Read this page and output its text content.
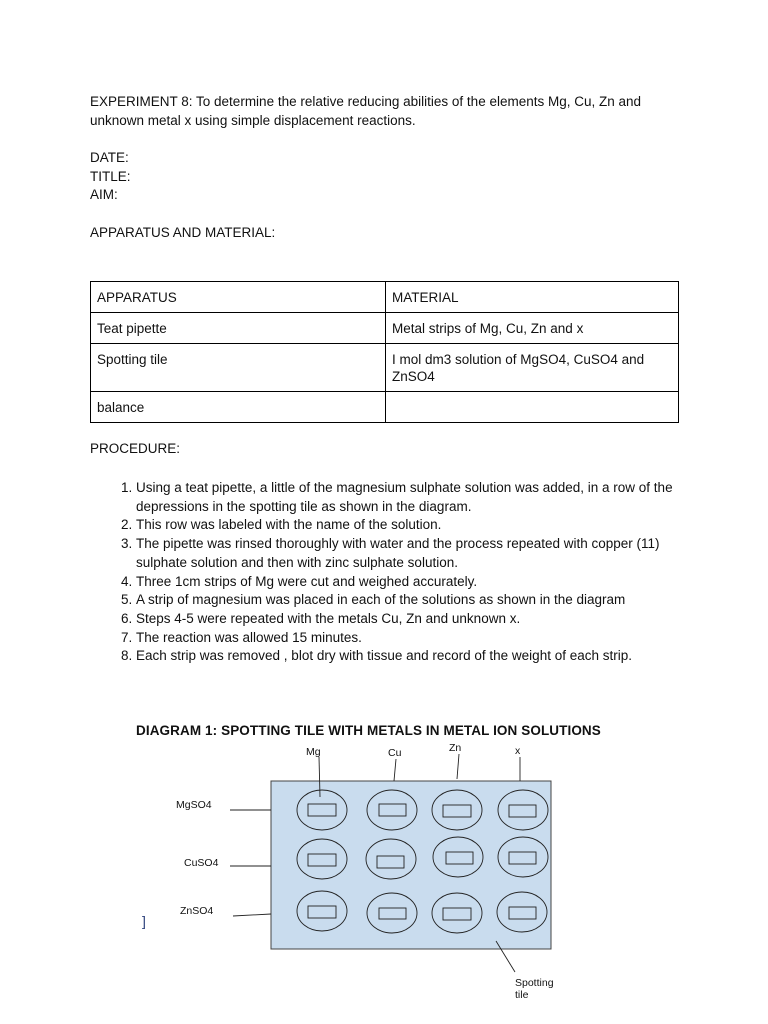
EXPERIMENT 8: To determine the relative reducing abilities of the elements Mg, Cu, Zn and unknown metal x using simple displacement reactions.
DATE:
TITLE:
AIM:
APPARATUS AND MATERIAL:
APPARATUS	MATERIAL
Teat pipette	Metal strips of Mg, Cu, Zn and x
Spotting tile	I mol dm3 solution of MgSO4, CuSO4 and ZnSO4
balance	
PROCEDURE:
1. Using a teat pipette, a little of the magnesium sulphate solution was added, in a row of the depressions in the spotting tile as shown in the diagram.
2. This row was labeled with the name of the solution.
3. The pipette was rinsed thoroughly with water and the process repeated with copper (11) sulphate solution and then with zinc sulphate solution.
4. Three 1cm strips of Mg were cut and weighed accurately.
5. A strip of magnesium was placed in each of the solutions as shown in the diagram
6. Steps 4-5 were repeated with the metals Cu, Zn and unknown x.
7. The reaction was allowed 15 minutes.
8. Each strip was removed , blot dry with tissue and record of the weight of each strip.
DIAGRAM 1: SPOTTING TILE WITH METALS IN METAL ION SOLUTIONS
Mg	Cu	Zn	x
MgSO4
CuSO4
ZnSO4
]
Spotting
tile
